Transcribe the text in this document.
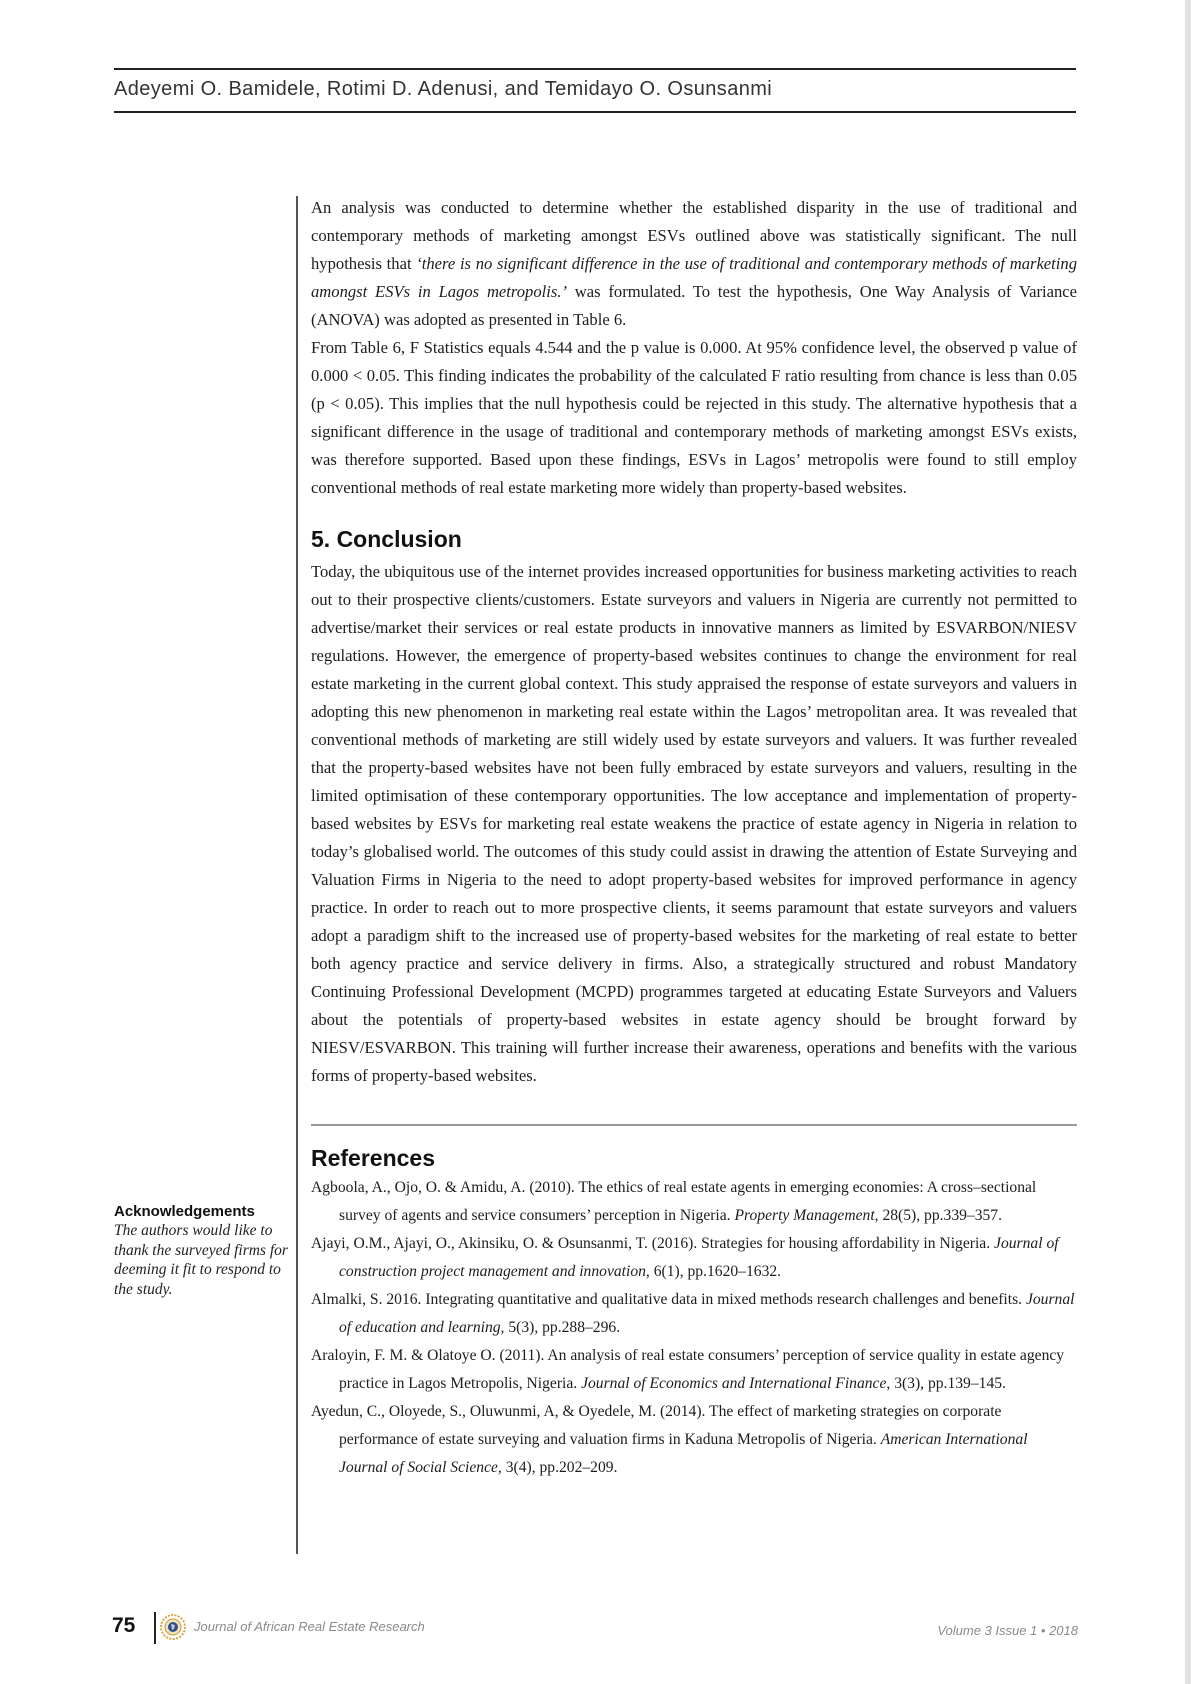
Adeyemi O. Bamidele, Rotimi D. Adenusi, and Temidayo O. Osunsanmi

An analysis was conducted to determine whether the established disparity in the use of traditional and contemporary methods of marketing amongst ESVs outlined above was statistically significant. The null hypothesis that ‘there is no significant difference in the use of traditional and contemporary methods of marketing amongst ESVs in Lagos metropolis.’ was formulated. To test the hypothesis, One Way Analysis of Variance (ANOVA) was adopted as presented in Table 6.

From Table 6, F Statistics equals 4.544 and the p value is 0.000. At 95% confidence level, the observed p value of 0.000 < 0.05. This finding indicates the probability of the calculated F ratio resulting from chance is less than 0.05 (p < 0.05). This implies that the null hypothesis could be rejected in this study. The alternative hypothesis that a significant difference in the usage of traditional and contemporary methods of marketing amongst ESVs exists, was therefore supported. Based upon these findings, ESVs in Lagos’ metropolis were found to still employ conventional methods of real estate marketing more widely than property-based websites.

5. Conclusion

Today, the ubiquitous use of the internet provides increased opportunities for business marketing activities to reach out to their prospective clients/customers. Estate surveyors and valuers in Nigeria are currently not permitted to advertise/market their services or real estate products in innovative manners as limited by ESVARBON/NIESV regulations. However, the emergence of property-based websites continues to change the environment for real estate marketing in the current global context. This study appraised the response of estate surveyors and valuers in adopting this new phenomenon in marketing real estate within the Lagos’ metropolitan area. It was revealed that conventional methods of marketing are still widely used by estate surveyors and valuers. It was further revealed that the property-based websites have not been fully embraced by estate surveyors and valuers, resulting in the limited optimisation of these contemporary opportunities. The low acceptance and implementation of property-based websites by ESVs for marketing real estate weakens the practice of estate agency in Nigeria in relation to today’s globalised world. The outcomes of this study could assist in drawing the attention of Estate Surveying and Valuation Firms in Nigeria to the need to adopt property-based websites for improved performance in agency practice. In order to reach out to more prospective clients, it seems paramount that estate surveyors and valuers adopt a paradigm shift to the increased use of property-based websites for the marketing of real estate to better both agency practice and service delivery in firms. Also, a strategically structured and robust Mandatory Continuing Professional Development (MCPD) programmes targeted at educating Estate Surveyors and Valuers about the potentials of property-based websites in estate agency should be brought forward by NIESV/ESVARBON. This training will further increase their awareness, operations and benefits with the various forms of property-based websites.

References

Agboola, A., Ojo, O. & Amidu, A. (2010). The ethics of real estate agents in emerging economies: A cross–sectional survey of agents and service consumers’ perception in Nigeria. Property Management, 28(5), pp.339–357.

Ajayi, O.M., Ajayi, O., Akinsiku, O. & Osunsanmi, T. (2016). Strategies for housing affordability in Nigeria. Journal of construction project management and innovation, 6(1), pp.1620–1632.

Almalki, S. 2016. Integrating quantitative and qualitative data in mixed methods research challenges and benefits. Journal of education and learning, 5(3), pp.288–296.

Araloyin, F. M. & Olatoye O. (2011). An analysis of real estate consumers’ perception of service quality in estate agency practice in Lagos Metropolis, Nigeria. Journal of Economics and International Finance, 3(3), pp.139–145.

Ayedun, C., Oloyede, S., Oluwunmi, A, & Oyedele, M. (2014). The effect of marketing strategies on corporate performance of estate surveying and valuation firms in Kaduna Metropolis of Nigeria. American International Journal of Social Science, 3(4), pp.202–209.

Acknowledgements
The authors would like to thank the surveyed firms for deeming it fit to respond to the study.
75	Journal of African Real Estate Research	Volume 3 Issue 1 • 2018
